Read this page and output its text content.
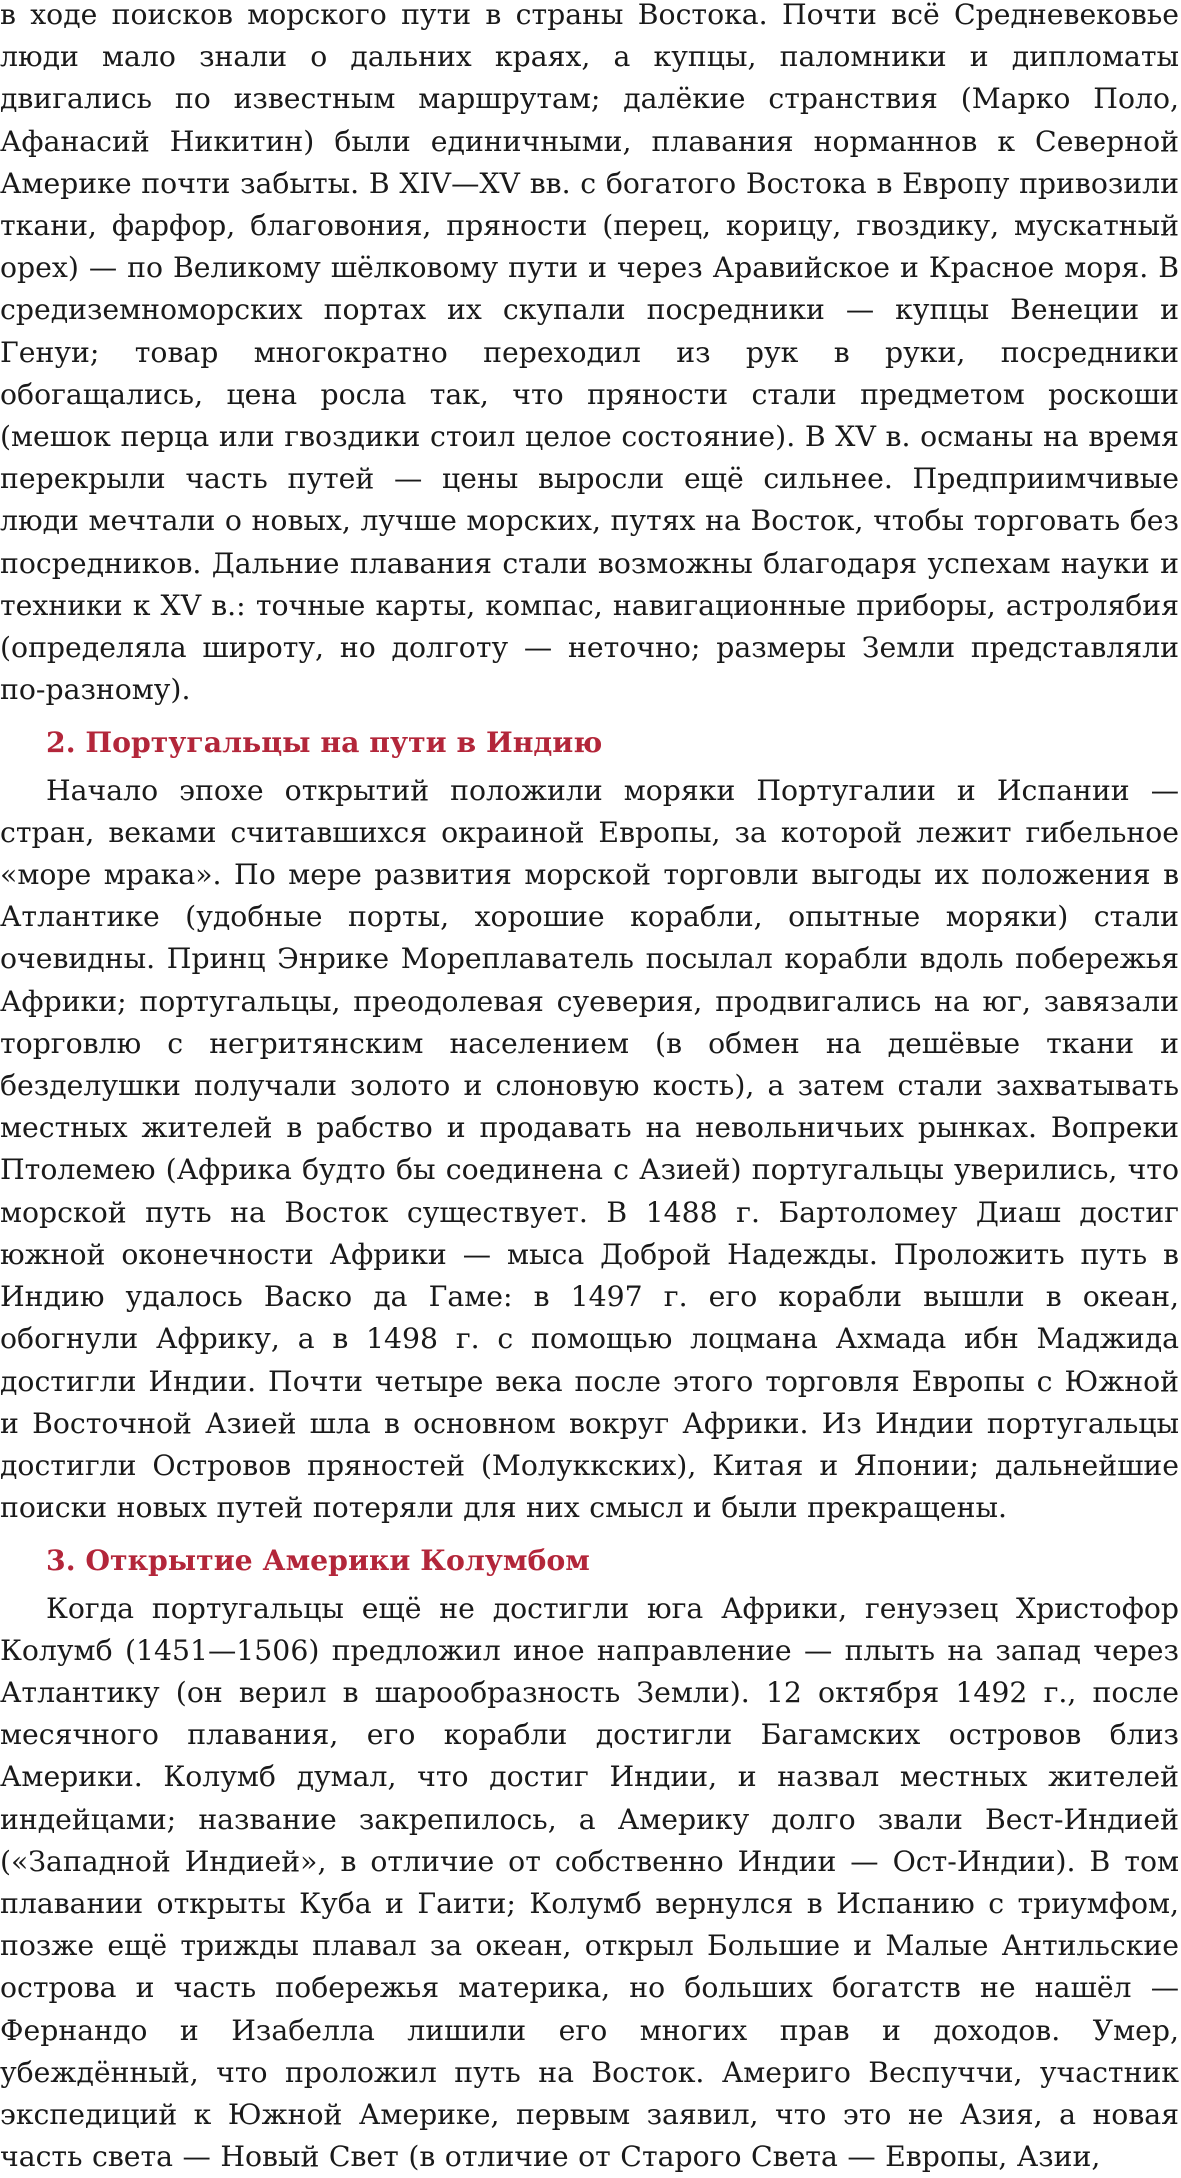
в ходе поисков морского пути в страны Востока. Почти всё Средневековье люди мало знали о дальних краях, а купцы, паломники и дипломаты двигались по известным маршрутам; далёкие странствия (Марко Поло, Афанасий Никитин) были единичными, плавания норманнов к Северной Америке почти забыты. В XIV—XV вв. с богатого Востока в Европу привозили ткани, фарфор, благовония, пряности (перец, корицу, гвоздику, мускатный орех) — по Великому шёлковому пути и через Аравийское и Красное моря. В средиземноморских портах их скупали посредники — купцы Венеции и Генуи; товар многократно переходил из рук в руки, посредники обогащались, цена росла так, что пряности стали предметом роскоши (мешок перца или гвоздики стоил целое состояние). В XV в. османы на время перекрыли часть путей — цены выросли ещё сильнее. Предприимчивые люди мечтали о новых, лучше морских, путях на Восток, чтобы торговать без посредников. Дальние плавания стали возможны благодаря успехам науки и техники к XV в.: точные карты, компас, навигационные приборы, астролябия (определяла широту, но долготу — неточно; размеры Земли представляли по-разному).

2. Португальцы на пути в Индию

Начало эпохе открытий положили моряки Португалии и Испании — стран, веками считавшихся окраиной Европы, за которой лежит гибельное «море мрака». По мере развития морской торговли выгоды их положения в Атлантике (удобные порты, хорошие корабли, опытные моряки) стали очевидны. Принц Энрике Мореплаватель посылал корабли вдоль побережья Африки; португальцы, преодолевая суеверия, продвигались на юг, завязали торговлю с негритянским населением (в обмен на дешёвые ткани и безделушки получали золото и слоновую кость), а затем стали захватывать местных жителей в рабство и продавать на невольничьих рынках. Вопреки Птолемею (Африка будто бы соединена с Азией) португальцы уверились, что морской путь на Восток существует. В 1488 г. Бартоломеу Диаш достиг южной оконечности Африки — мыса Доброй Надежды. Проложить путь в Индию удалось Васко да Гаме: в 1497 г. его корабли вышли в океан, обогнули Африку, а в 1498 г. с помощью лоцмана Ахмада ибн Маджида достигли Индии. Почти четыре века после этого торговля Европы с Южной и Восточной Азией шла в основном вокруг Африки. Из Индии португальцы достигли Островов пряностей (Молуккских), Китая и Японии; дальнейшие поиски новых путей потеряли для них смысл и были прекращены.

3. Открытие Америки Колумбом

Когда португальцы ещё не достигли юга Африки, генуэзец Христофор Колумб (1451—1506) предложил иное направление — плыть на запад через Атлантику (он верил в шарообразность Земли). 12 октября 1492 г., после месячного плавания, его корабли достигли Багамских островов близ Америки. Колумб думал, что достиг Индии, и назвал местных жителей индейцами; название закрепилось, а Америку долго звали Вест-Индией («Западной Индией», в отличие от собственно Индии — Ост-Индии). В том плавании открыты Куба и Гаити; Колумб вернулся в Испанию с триумфом, позже ещё трижды плавал за океан, открыл Большие и Малые Антильские острова и часть побережья материка, но больших богатств не нашёл — Фернандо и Изабелла лишили его многих прав и доходов. Умер, убеждённый, что проложил путь на Восток. Америго Веспуччи, участник экспедиций к Южной Америке, первым заявил, что это не Азия, а новая часть света — Новый Свет (в отличие от Старого Света — Европы, Азии,
